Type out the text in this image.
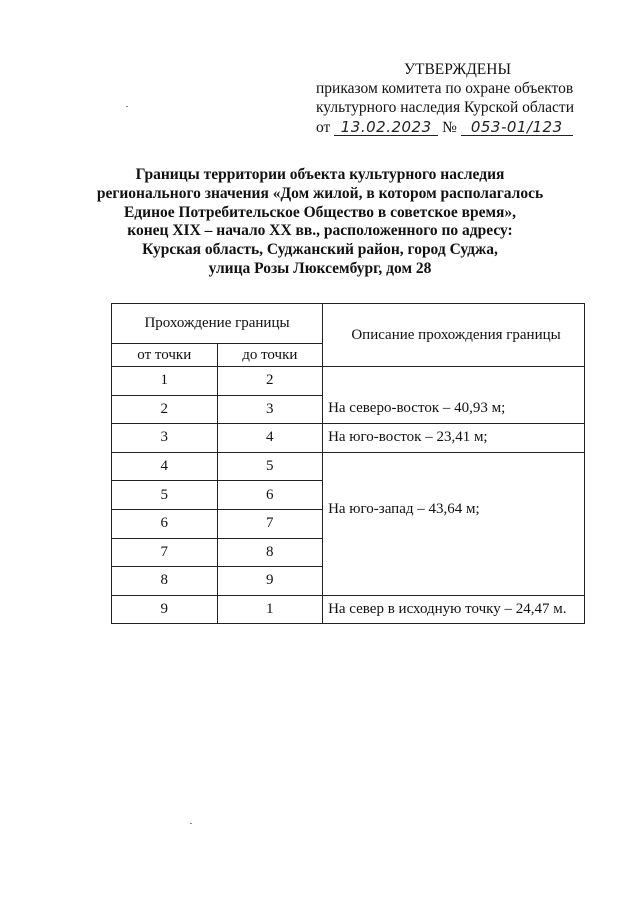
УТВЕРЖДЕНЫ
приказом комитета по охране объектов
культурного наследия Курской области
от 13.02.2023 № 053-01/123
Границы территории объекта культурного наследия
регионального значения «Дом жилой, в котором располагалось
Единое Потребительское Общество в советское время»,
конец XIX – начало XX вв., расположенного по адресу:
Курская область, Суджанский район, город Суджа,
улица Розы Люксембург, дом 28
Прохождение границы		Описание прохождения границы
от точки	до точки	
1	2	На северо-восток – 40,93 м;
2	3	
3	4	На юго-восток – 23,41 м;
4	5	На юго-запад – 43,64 м;
5	6	
6	7	
7	8	
8	9	
9	1	На север в исходную точку – 24,47 м.
